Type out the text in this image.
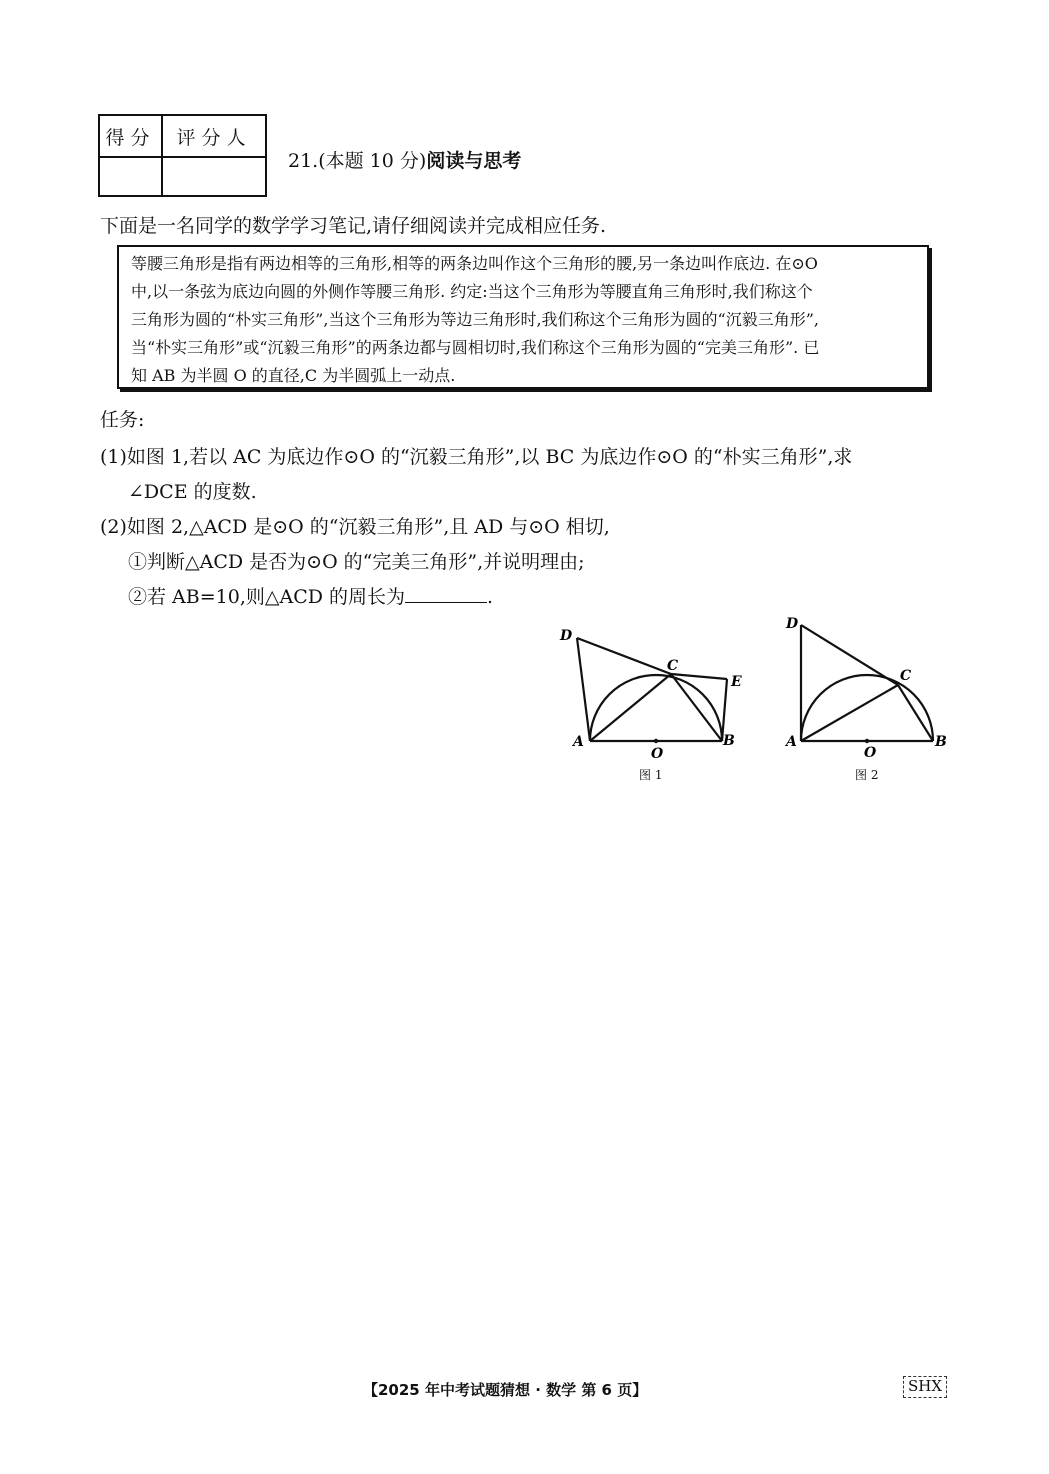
得分	评分人

21.(本题 10 分)阅读与思考
下面是一名同学的数学学习笔记,请仔细阅读并完成相应任务.
等腰三角形是指有两边相等的三角形,相等的两条边叫作这个三角形的腰,另一条边叫作底边. 在⊙O
中,以一条弦为底边向圆的外侧作等腰三角形. 约定:当这个三角形为等腰直角三角形时,我们称这个
三角形为圆的“朴实三角形”,当这个三角形为等边三角形时,我们称这个三角形为圆的“沉毅三角形”,
当“朴实三角形”或“沉毅三角形”的两条边都与圆相切时,我们称这个三角形为圆的“完美三角形”. 已
知 AB 为半圆 O 的直径,C 为半圆弧上一动点.
任务:
(1)如图 1,若以 AC 为底边作⊙O 的“沉毅三角形”,以 BC 为底边作⊙O 的“朴实三角形”,求
∠DCE 的度数.
(2)如图 2,△ACD 是⊙O 的“沉毅三角形”,且 AD 与⊙O 相切,
①判断△ACD 是否为⊙O 的“完美三角形”,并说明理由;
②若 AB=10,则△ACD 的周长为	.
D
C
E
A	B
O
图 1
D
C
A	B
O
图 2
【2025 年中考试题猜想 · 数学 第 6 页】	SHX
